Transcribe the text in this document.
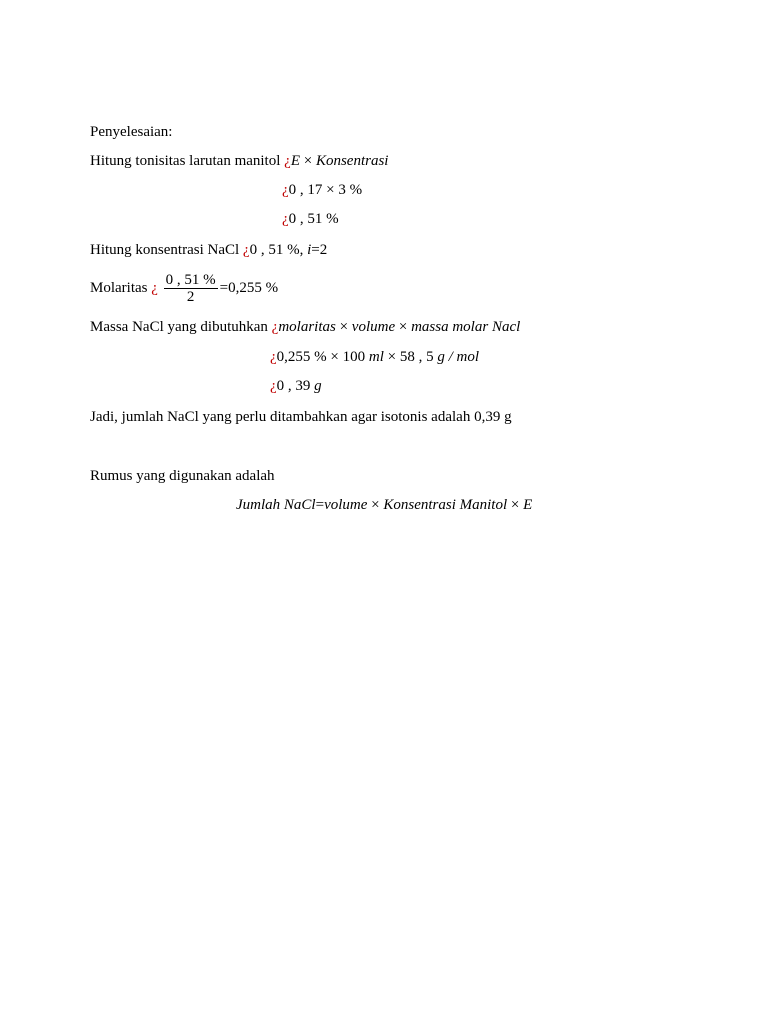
Penyelesaian:
Hitung tonisitas larutan manitol ¿E × Konsentrasi
¿0 , 17 × 3 %
¿0 , 51 %
Hitung konsentrasi NaCl ¿0 , 51 %, i=2
Molaritas ¿ $\frac{0 , 51 \%}{2} =0,255$ %
Massa NaCl yang dibutuhkan ¿molaritas × volume × massa molar Nacl
¿0,255 % × 100 ml × 58 , 5 g / mol
¿0 , 39 g
Jadi, jumlah NaCl yang perlu ditambahkan agar isotonis adalah 0,39 g
Rumus yang digunakan adalah
Jumlah NaCl=volume × Konsentrasi Manitol × E
